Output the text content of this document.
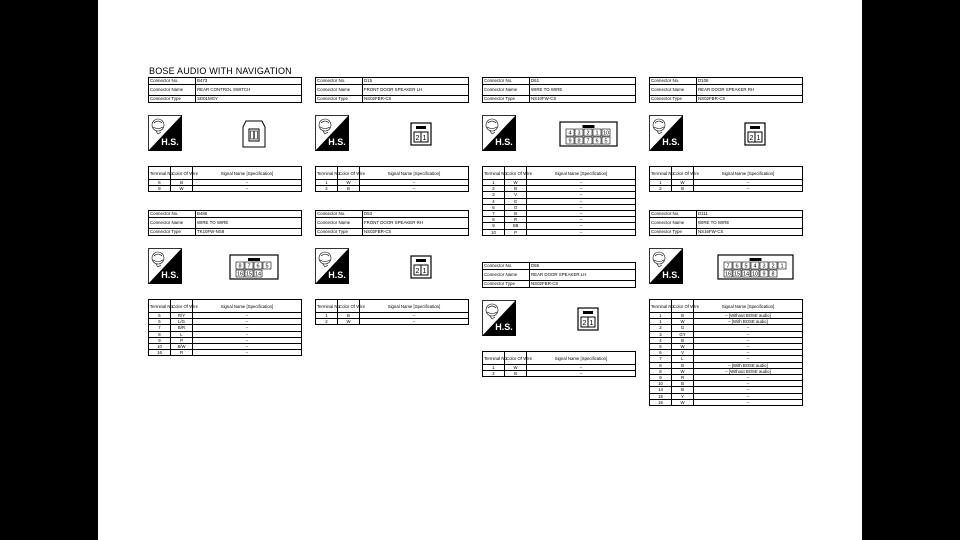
BOSE AUDIO WITH NAVIGATION
Connector No.	B473
Connector Name	REAR CONTROL SWITCH
Connector Type	SD01MGY
H.S.
Terminal No.	Color Of Wire	Signal Name [Specification]
6	B	–
8	W	–
Connector No.	D15
Connector Name	FRONT DOOR SPEAKER LH
Connector Type	NS02FBR-CS
H.S.	2 1
Terminal No.	Color Of Wire	Signal Name [Specification]
1	W	–
2	B	–
Connector No.	D61
Connector Name	WIRE TO WIRE
Connector Type	NS10FW-CS
H.S.
4 3 2 1 10
9 8 7 6 5
Terminal No.	Color Of Wire	Signal Name [Specification]
1	W	–
2	B	–
3	V	–
4	G	–
6	O	–
7	B	–
8	R	–
9	SB	–
10	P	–
Connector No.	D106
Connector Name	REAR DOOR SPEAKER RH
Connector Type	NS02FBR-CS
H.S.	2 1
Terminal No.	Color Of Wire	Signal Name [Specification]
1	W	–
2	B	–
Connector No.	B486
Connector Name	WIRE TO WIRE
Connector Type	TK10FW-NS8
H.S.
8 7 6 5
16 15 14
Terminal No.	Color Of Wire	Signal Name [Specification]
5	R/Y	–
6	L/G	–
7	B/R	–
8	L	–
9	P	–
10	B/W	–
16	R	–
Connector No.	D53
Connector Name	FRONT DOOR SPEAKER RH
Connector Type	NS02FBR-CS
H.S.	2 1
Terminal No.	Color Of Wire	Signal Name [Specification]
1	B	–
2	W	–
Connector No.	D86
Connector Name	REAR DOOR SPEAKER LH
Connector Type	NS02FBR-CS
H.S.	2 1
Terminal No.	Color Of Wire	Signal Name [Specification]
1	W	–
2	B	–
Connector No.	D111
Connector Name	WIRE TO WIRE
Connector Type	NS16FW-CS
H.S.
7 6 5 4 3 2 1
16 15 14 10 9 8
Terminal No.	Color Of Wire	Signal Name [Specification]
1	B	– [Without BOSE audio]
1	W	– [With BOSE audio]
2	G	–
3	GY	–
4	B	–
5	W	–
6	V	–
7	L	–
8	B	– [With BOSE audio]
8	W	– [Without BOSE audio]
9	R	–
10	B	–
14	B	–
15	Y	–
16	W	–
